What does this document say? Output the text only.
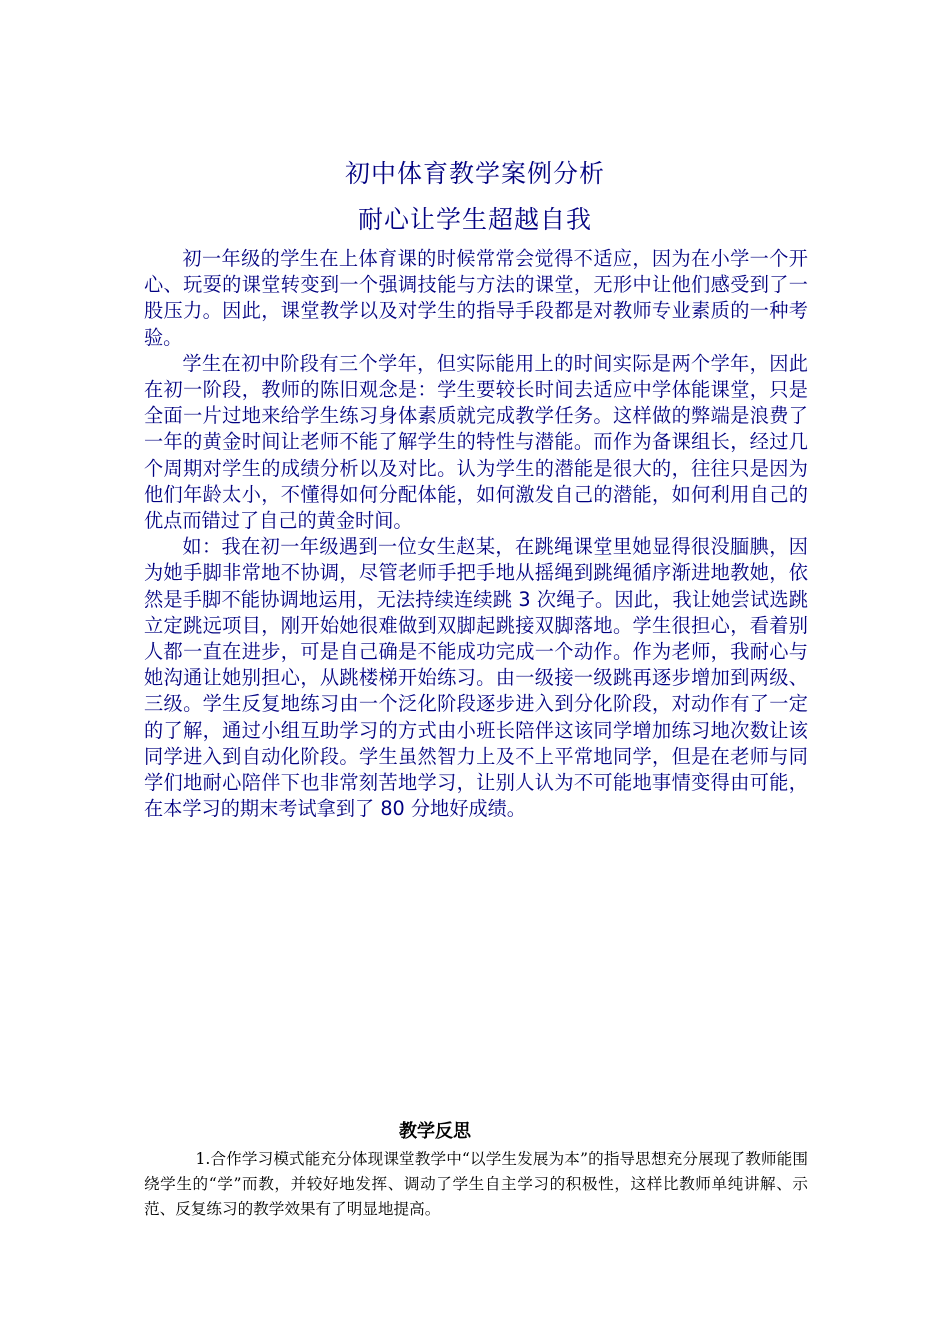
初中体育教学案例分析
耐心让学生超越自我

初一年级的学生在上体育课的时候常常会觉得不适应，因为在小学一个开心、玩耍的课堂转变到一个强调技能与方法的课堂，无形中让他们感受到了一股压力。因此，课堂教学以及对学生的指导手段都是对教师专业素质的一种考验。

学生在初中阶段有三个学年，但实际能用上的时间实际是两个学年，因此在初一阶段，教师的陈旧观念是：学生要较长时间去适应中学体能课堂，只是全面一片过地来给学生练习身体素质就完成教学任务。这样做的弊端是浪费了一年的黄金时间让老师不能了解学生的特性与潜能。而作为备课组长，经过几个周期对学生的成绩分析以及对比。认为学生的潜能是很大的，往往只是因为他们年龄太小，不懂得如何分配体能，如何激发自己的潜能，如何利用自己的优点而错过了自己的黄金时间。

如：我在初一年级遇到一位女生赵某，在跳绳课堂里她显得很没腼腆，因为她手脚非常地不协调，尽管老师手把手地从摇绳到跳绳循序渐进地教她，依然是手脚不能协调地运用，无法持续连续跳 3 次绳子。因此，我让她尝试选跳立定跳远项目，刚开始她很难做到双脚起跳接双脚落地。学生很担心，看着别人都一直在进步，可是自己确是不能成功完成一个动作。作为老师，我耐心与她沟通让她别担心，从跳楼梯开始练习。由一级接一级跳再逐步增加到两级、三级。学生反复地练习由一个泛化阶段逐步进入到分化阶段，对动作有了一定的了解，通过小组互助学习的方式由小班长陪伴这该同学增加练习地次数让该同学进入到自动化阶段。学生虽然智力上及不上平常地同学，但是在老师与同学们地耐心陪伴下也非常刻苦地学习，让别人认为不可能地事情变得由可能，在本学习的期末考试拿到了 80 分地好成绩。

教学反思

1.合作学习模式能充分体现课堂教学中“以学生发展为本”的指导思想充分展现了教师能围绕学生的“学”而教，并较好地发挥、调动了学生自主学习的积极性，这样比教师单纯讲解、示范、反复练习的教学效果有了明显地提高。
